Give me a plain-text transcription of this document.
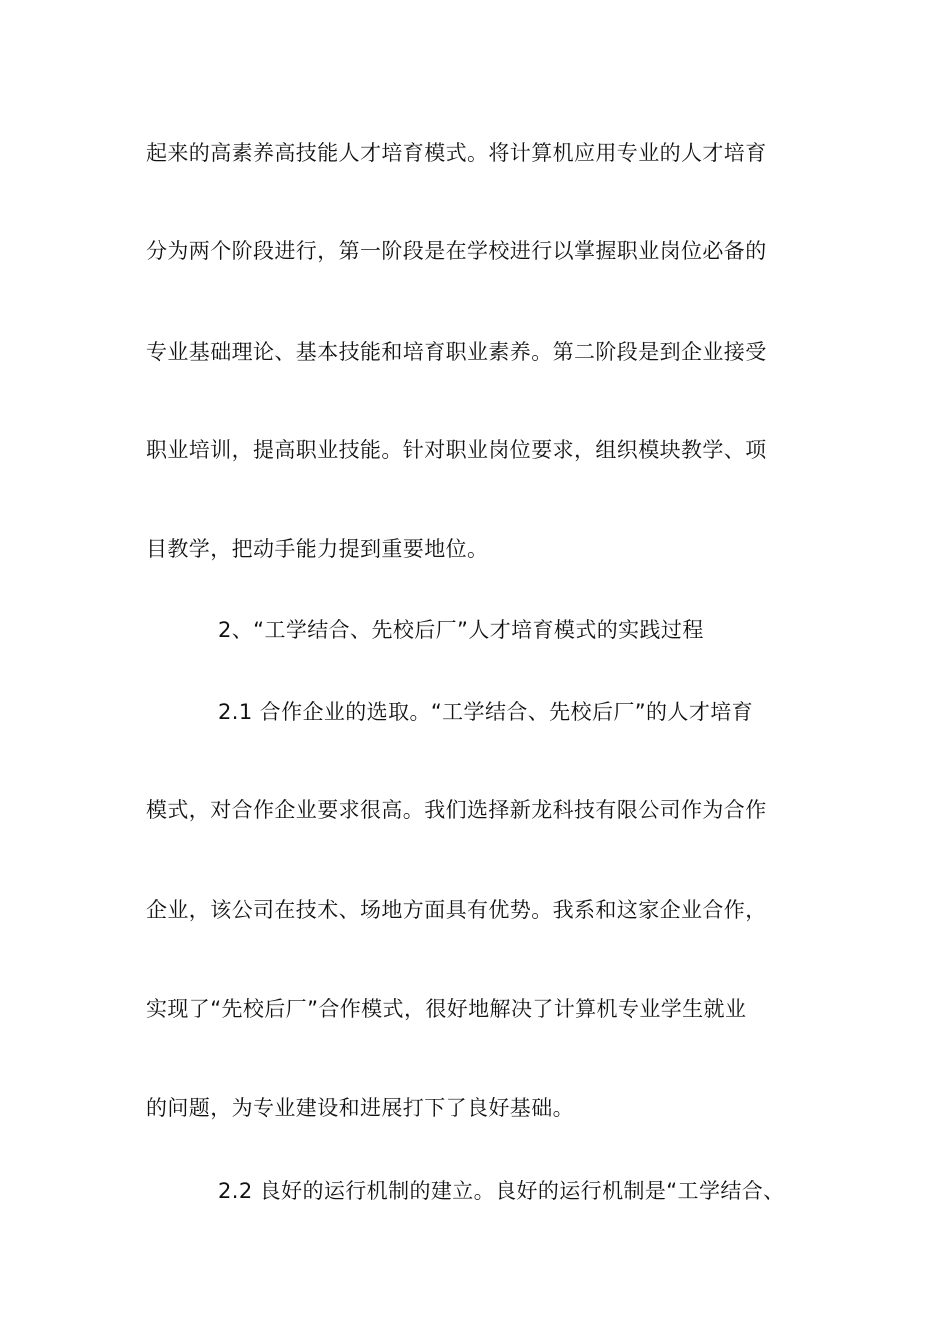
起来的高素养高技能人才培育模式。将计算机应用专业的人才培育
分为两个阶段进行，第一阶段是在学校进行以掌握职业岗位必备的
专业基础理论、基本技能和培育职业素养。第二阶段是到企业接受
职业培训，提高职业技能。针对职业岗位要求，组织模块教学、项
目教学，把动手能力提到重要地位。
2、“工学结合、先校后厂”人才培育模式的实践过程
2.1 合作企业的选取。“工学结合、先校后厂”的人才培育
模式，对合作企业要求很高。我们选择新龙科技有限公司作为合作
企业，该公司在技术、场地方面具有优势。我系和这家企业合作，
实现了“先校后厂”合作模式，很好地解决了计算机专业学生就业
的问题，为专业建设和进展打下了良好基础。
2.2 良好的运行机制的建立。良好的运行机制是“工学结合、
